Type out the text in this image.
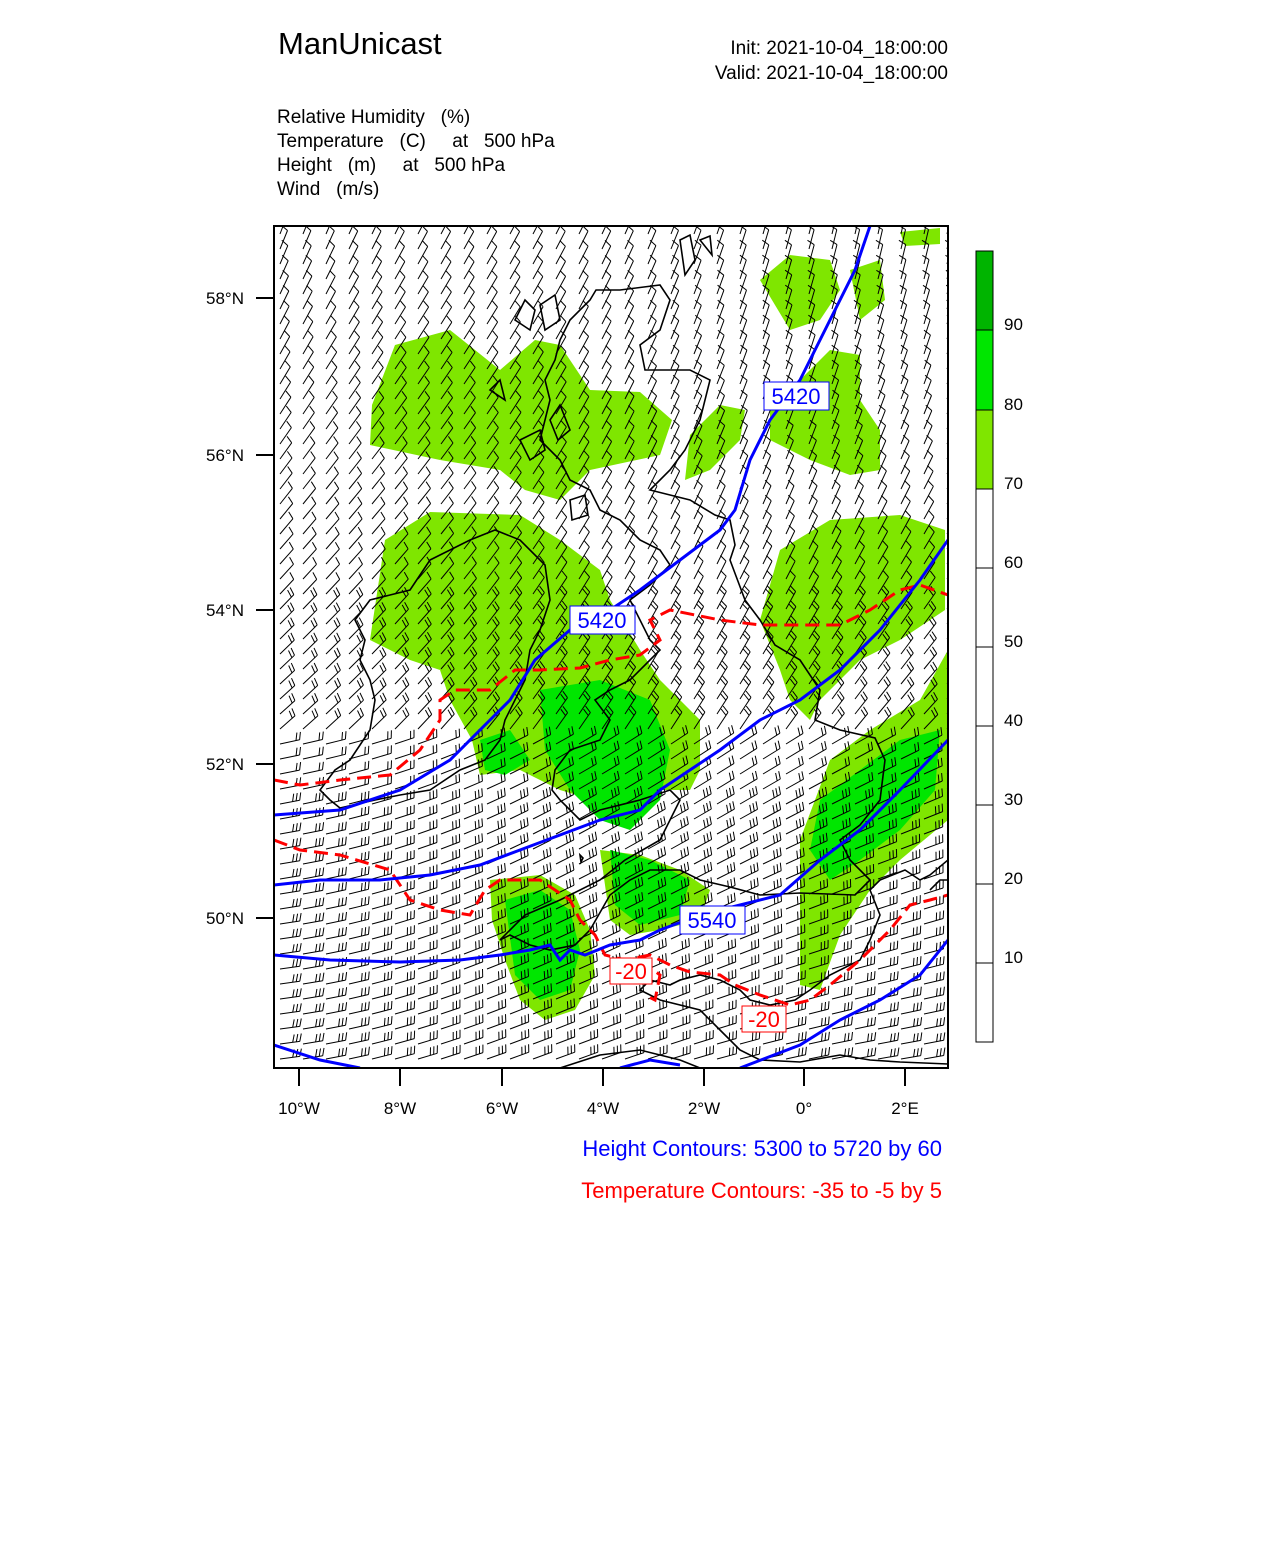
ManUnicast	Init: 2021-10-04_18:00:00
Valid: 2021-10-04_18:00:00
Relative Humidity   (%)
Temperature   (C)     at   500 hPa
Height   (m)     at   500 hPa
Wind   (m/s)
5420
5420
5540
-20
-20
58°N
56°N
54°N
52°N
50°N
10°W	8°W	6°W	4°W	2°W	0°	2°E
90
80
70
60
50
40
30
20
10
Height Contours: 5300 to 5720 by 60
Temperature Contours: -35 to -5 by 5
